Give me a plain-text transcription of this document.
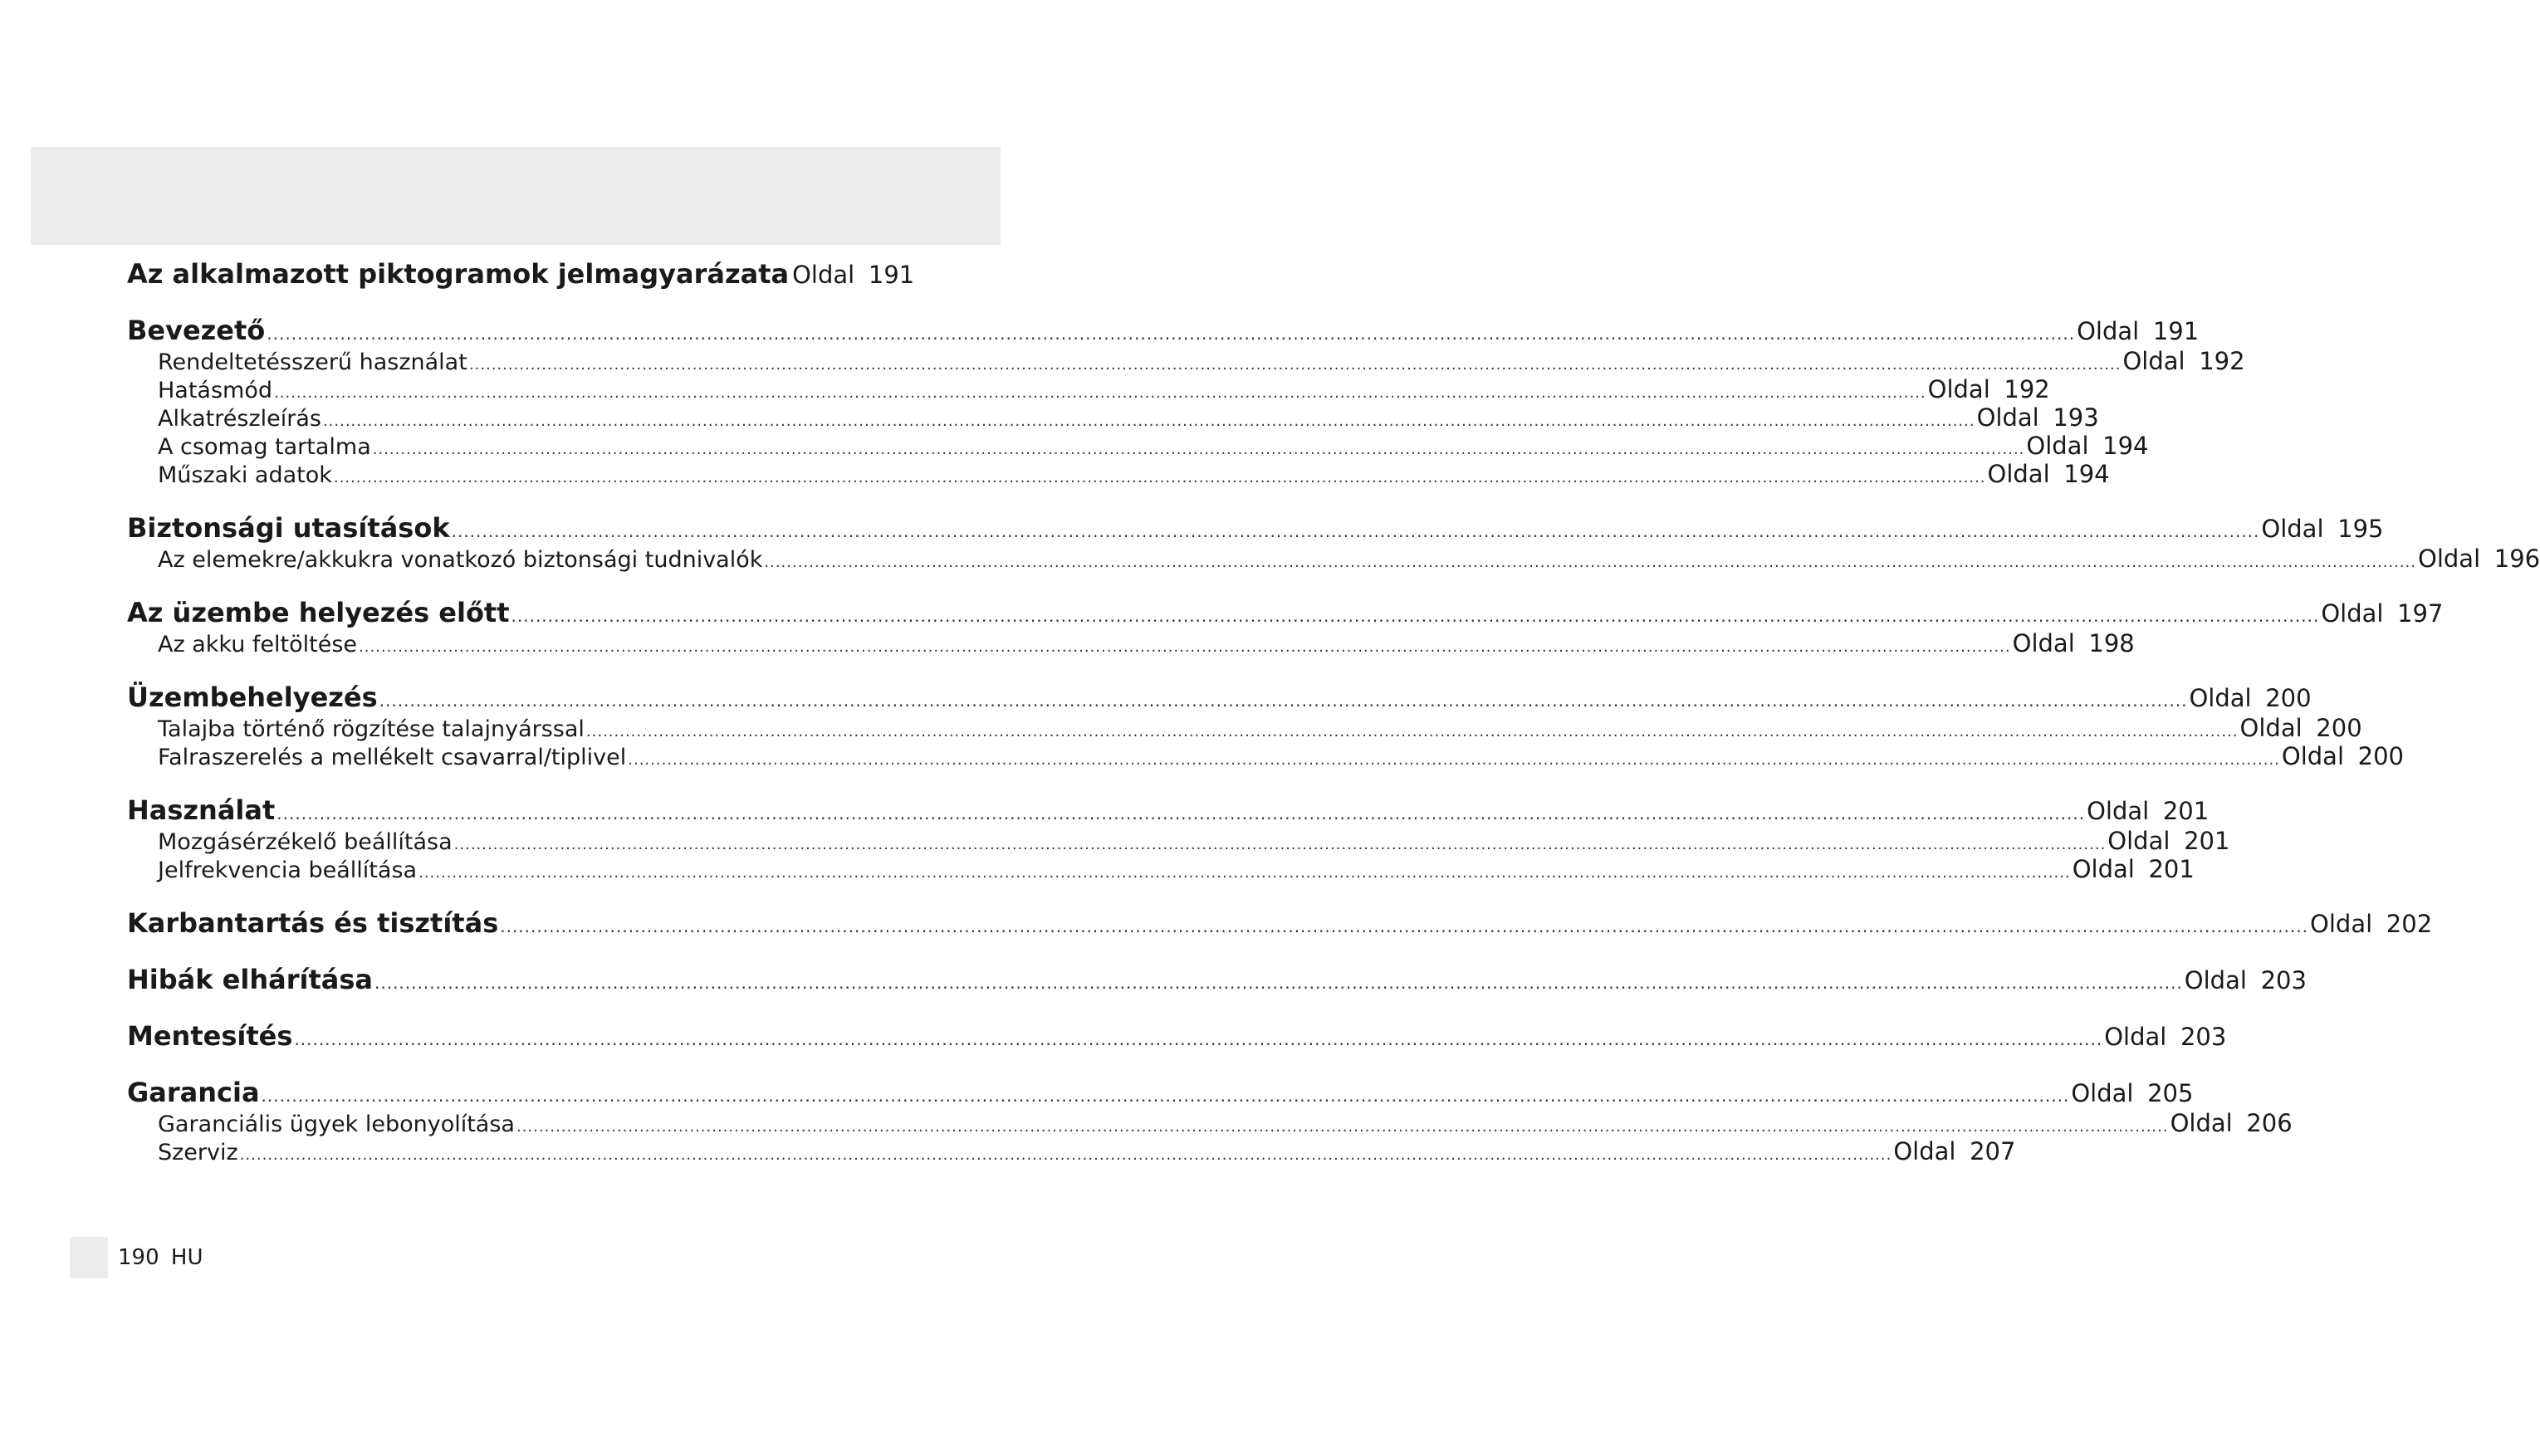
Az alkalmazott piktogramok jelmagyarázata Oldal 191
Bevezető .....	Oldal 191
Rendeltetésszerű használat .....	Oldal 192
Hatásmód .....	Oldal 192
Alkatrészleírás .....	Oldal 193
A csomag tartalma .....	Oldal 194
Műszaki adatok .....	Oldal 194
Biztonsági utasítások .....	Oldal 195
Az elemekre/akkukra vonatkozó biztonsági tudnivalók .....	Oldal 196
Az üzembe helyezés előtt .....	Oldal 197
Az akku feltöltése .....	Oldal 198
Üzembehelyezés .....	Oldal 200
Talajba történő rögzítése talajnyárssal .....	Oldal 200
Falraszerelés a mellékelt csavarral/tiplivel .....	Oldal 200
Használat .....	Oldal 201
Mozgásérzékelő beállítása .....	Oldal 201
Jelfrekvencia beállítása .....	Oldal 201
Karbantartás és tisztítás .....	Oldal 202
Hibák elhárítása .....	Oldal 203
Mentesítés .....	Oldal 203
Garancia .....	Oldal 205
Garanciális ügyek lebonyolítása .....	Oldal 206
Szerviz .....	Oldal 207
190 HU
